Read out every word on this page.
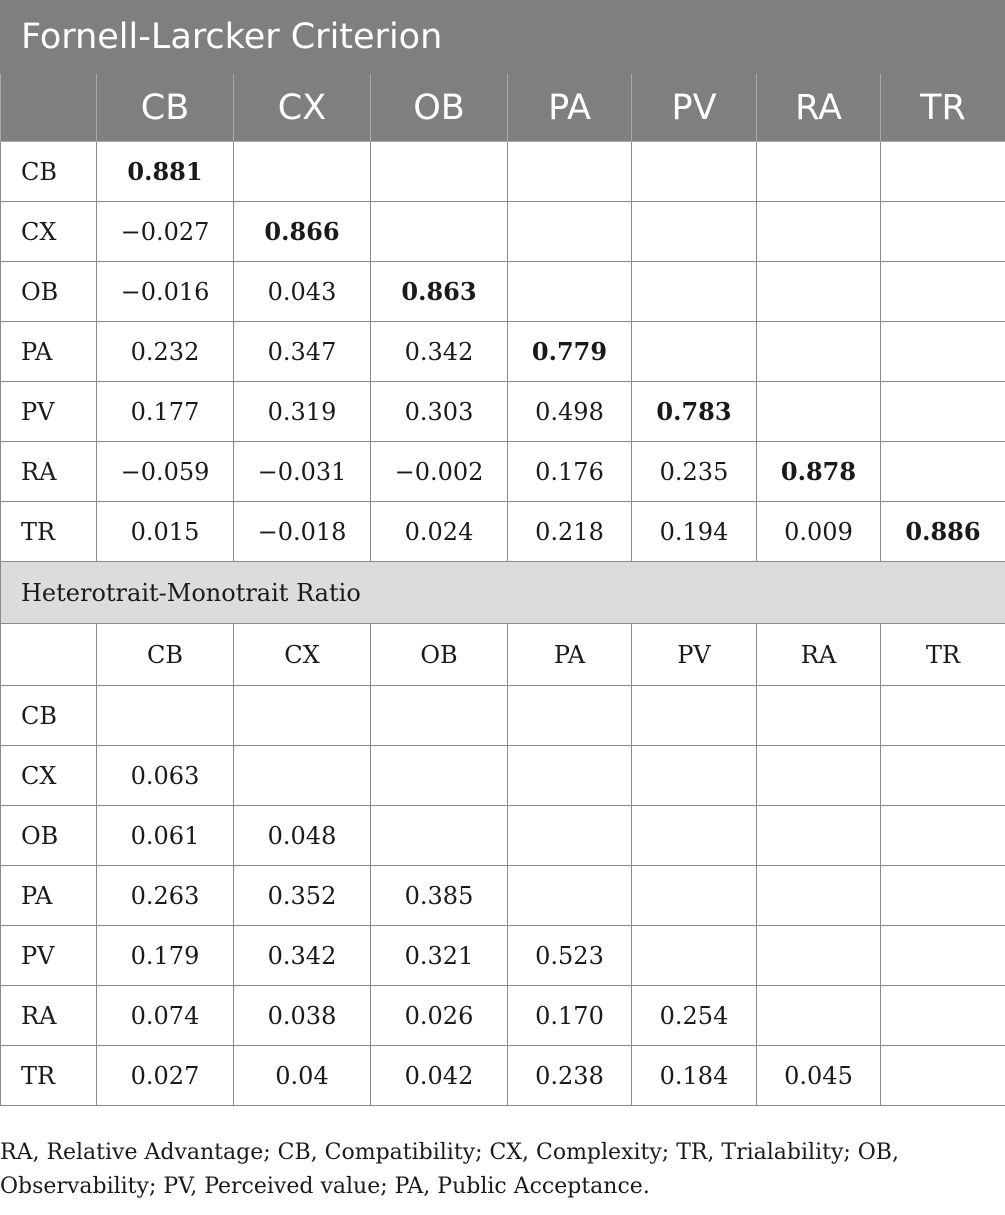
Fornell-Larcker Criterion							
	CB	CX	OB	PA	PV	RA	TR
CB	0.881						
CX	−0.027	0.866					
OB	−0.016	0.043	0.863				
PA	0.232	0.347	0.342	0.779			
PV	0.177	0.319	0.303	0.498	0.783		
RA	−0.059	−0.031	−0.002	0.176	0.235	0.878	
TR	0.015	−0.018	0.024	0.218	0.194	0.009	0.886
Heterotrait-Monotrait Ratio							
	CB	CX	OB	PA	PV	RA	TR
CB							
CX	0.063						
OB	0.061	0.048					
PA	0.263	0.352	0.385				
PV	0.179	0.342	0.321	0.523			
RA	0.074	0.038	0.026	0.170	0.254		
TR	0.027	0.04	0.042	0.238	0.184	0.045	

RA, Relative Advantage; CB, Compatibility; CX, Complexity; TR, Trialability; OB, Observability; PV, Perceived value; PA, Public Acceptance.
